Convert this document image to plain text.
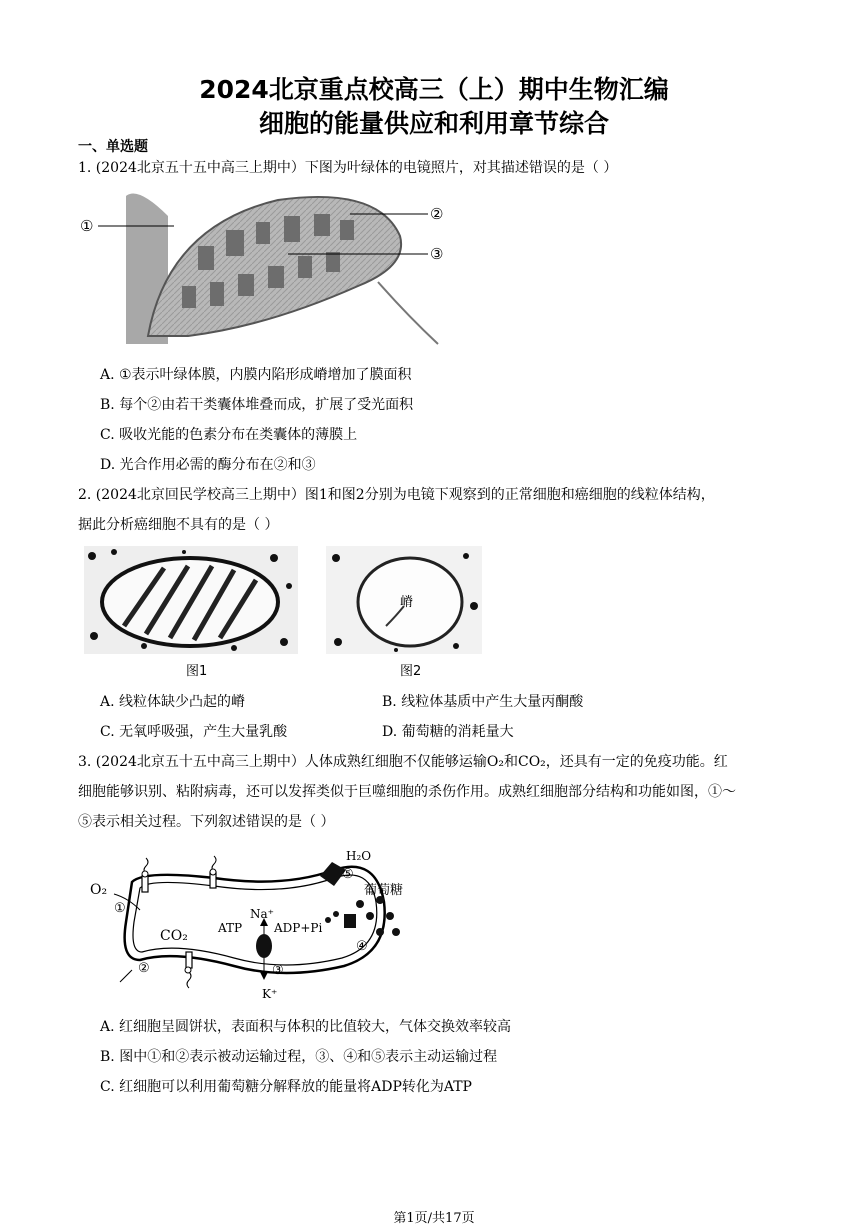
2024北京重点校高三（上）期中生物汇编
细胞的能量供应和利用章节综合
一、单选题
1. (2024北京五十五中高三上期中）下图为叶绿体的电镜照片，对其描述错误的是（ ）
①
②
③
A. ①表示叶绿体膜，内膜内陷形成嵴增加了膜面积
B. 每个②由若干类囊体堆叠而成，扩展了受光面积
C. 吸收光能的色素分布在类囊体的薄膜上
D. 光合作用必需的酶分布在②和③
2. (2024北京回民学校高三上期中）图1和图2分别为电镜下观察到的正常细胞和癌细胞的线粒体结构，
据此分析癌细胞不具有的是（ ）
嵴
图1	图2
A. 线粒体缺少凸起的嵴	B. 线粒体基质中产生大量丙酮酸
C. 无氧呼吸强，产生大量乳酸	D. 葡萄糖的消耗量大
3. (2024北京五十五中高三上期中）人体成熟红细胞不仅能够运输O₂和CO₂，还具有一定的免疫功能。红
细胞能够识别、粘附病毒，还可以发挥类似于巨噬细胞的杀伤作用。成熟红细胞部分结构和功能如图，①～
⑤表示相关过程。下列叙述错误的是（ ）
O₂
①
CO₂
②
ATP
Na⁺
ADP+Pi
③
K⁺
④
H₂O
⑤
葡萄糖
A. 红细胞呈圆饼状，表面积与体积的比值较大，气体交换效率较高
B. 图中①和②表示被动运输过程，③、④和⑤表示主动运输过程
C. 红细胞可以利用葡萄糖分解释放的能量将ADP转化为ATP
第1页/共17页
